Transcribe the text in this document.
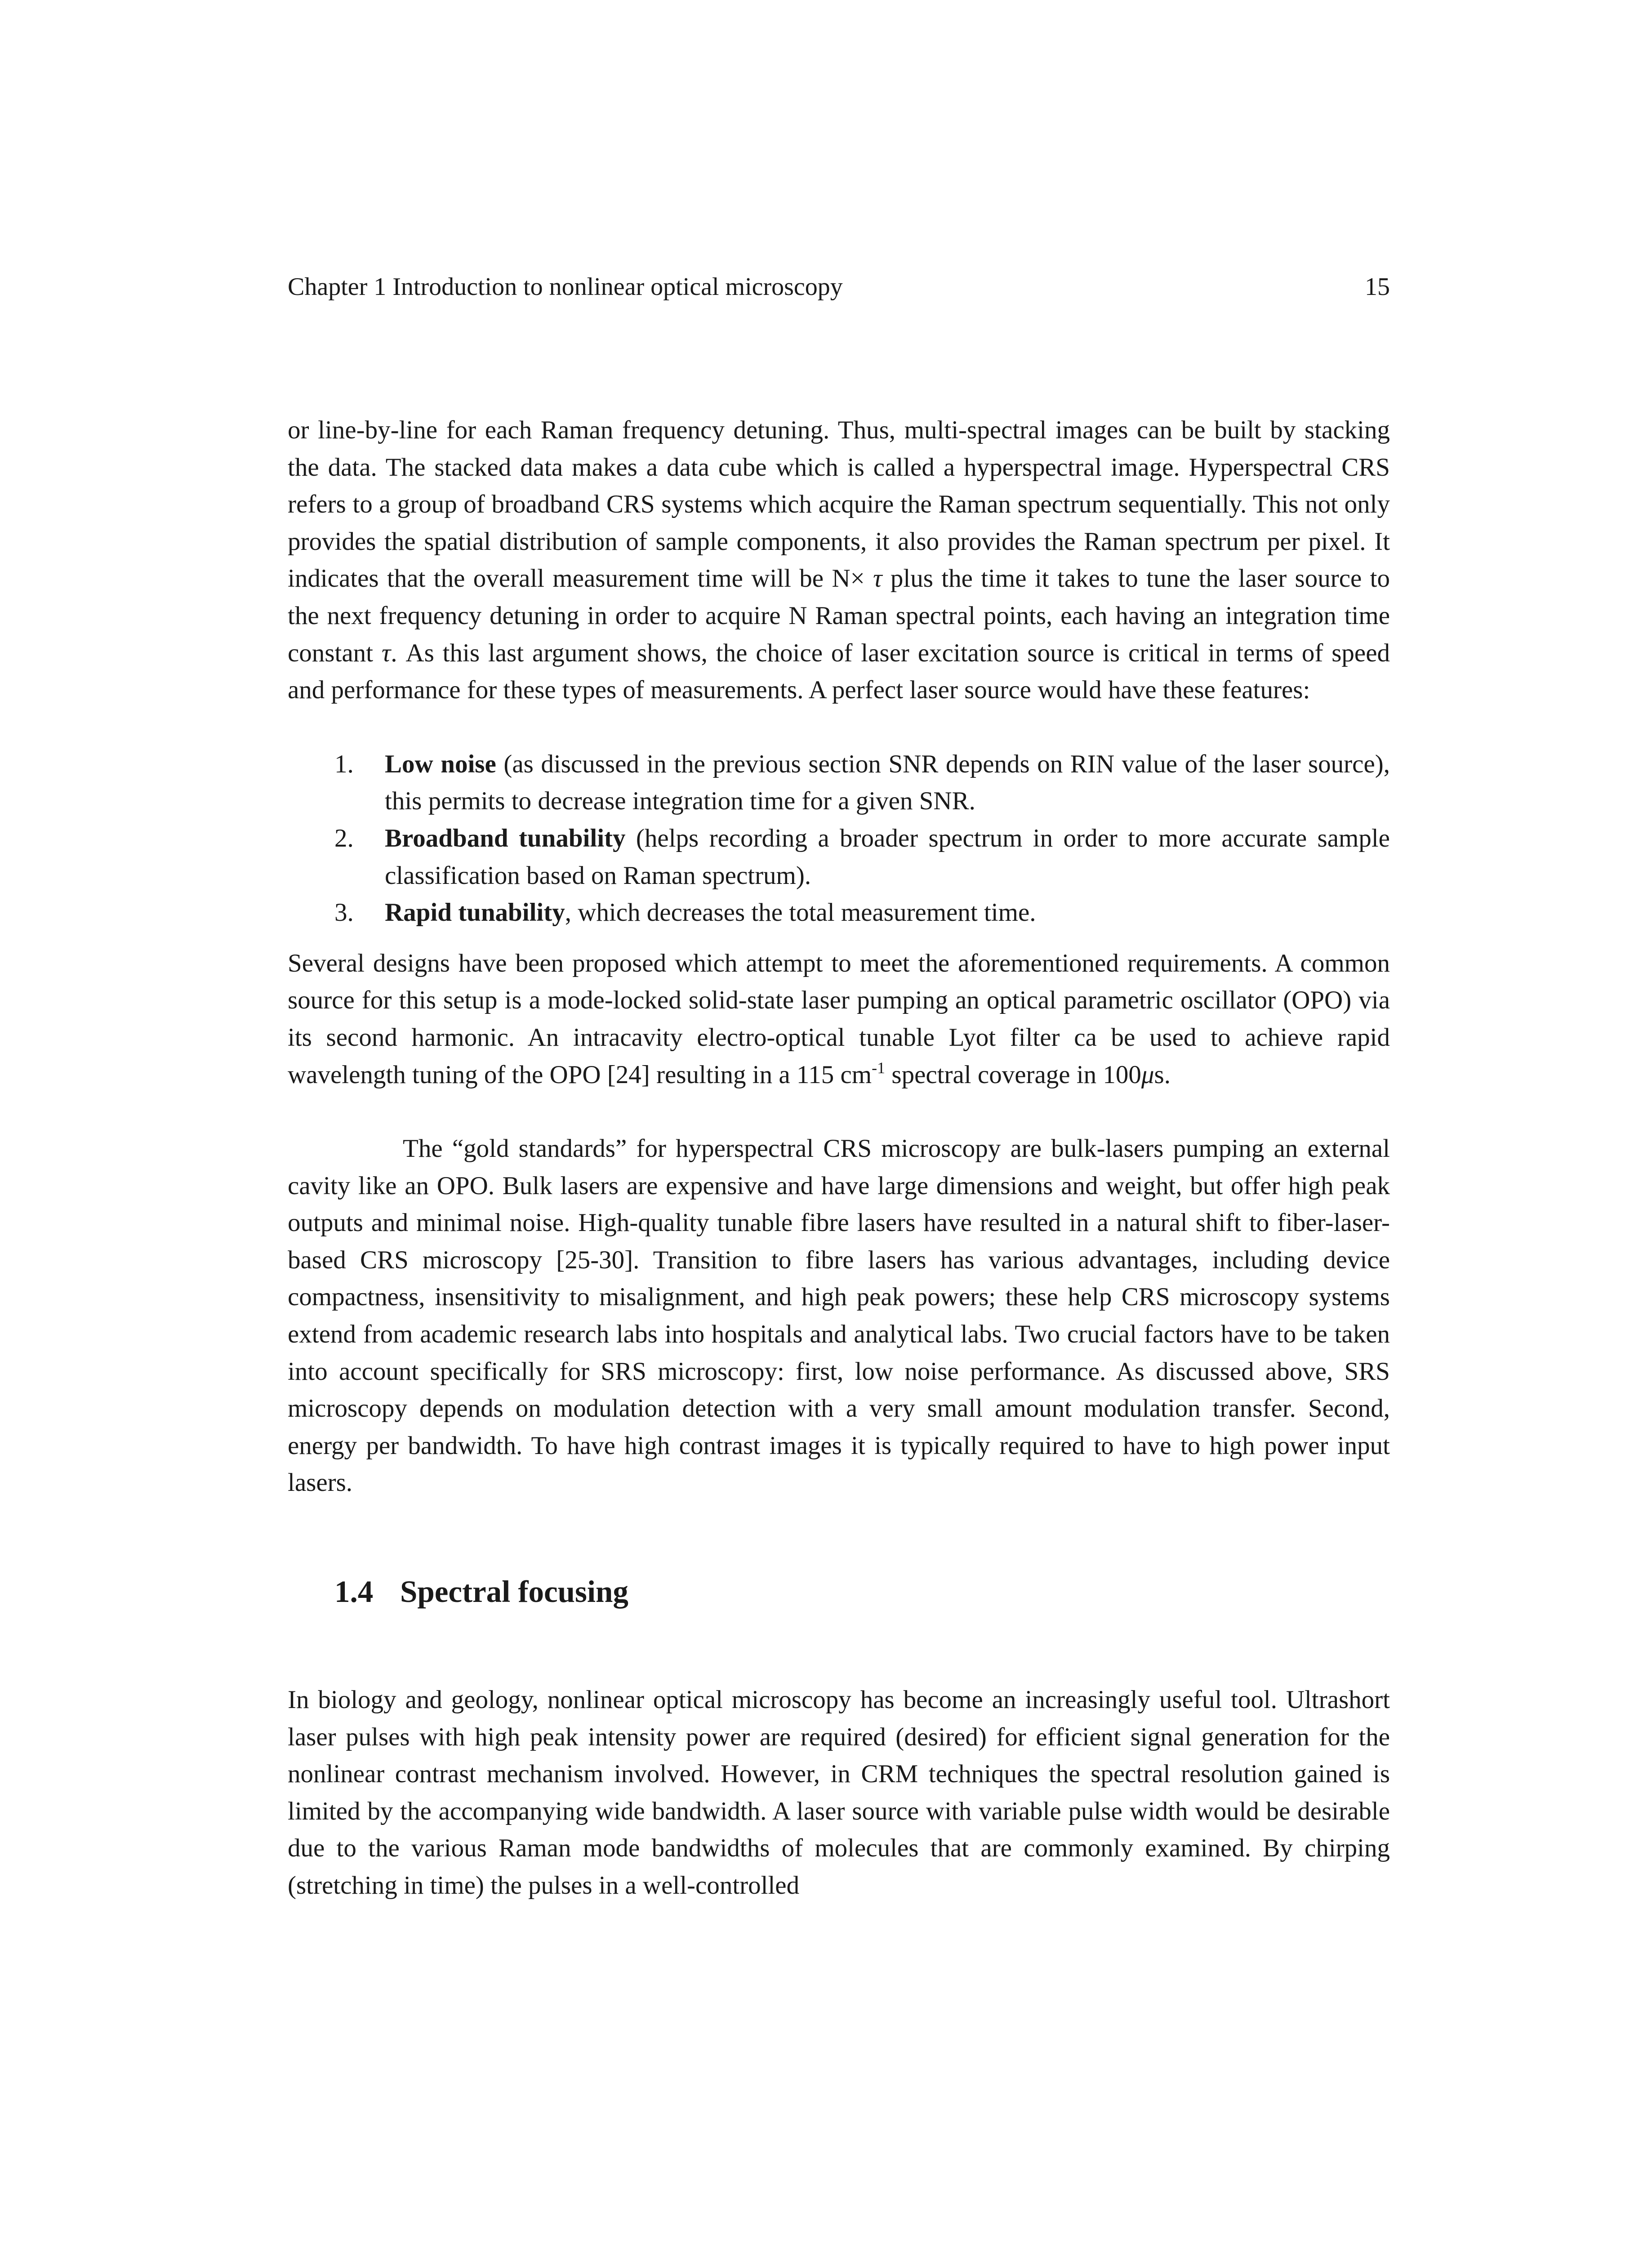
Chapter 1 Introduction to nonlinear optical microscopy	15

or line-by-line for each Raman frequency detuning. Thus, multi-spectral images can be built by stacking the data. The stacked data makes a data cube which is called a hyperspectral image. Hyperspectral CRS refers to a group of broadband CRS systems which acquire the Raman spectrum sequentially. This not only provides the spatial distribution of sample components, it also provides the Raman spectrum per pixel. It indicates that the overall measurement time will be N× τ plus the time it takes to tune the laser source to the next frequency detuning in order to acquire N Raman spectral points, each having an integration time constant τ. As this last argument shows, the choice of laser excitation source is critical in terms of speed and performance for these types of measurements. A perfect laser source would have these features:

1. Low noise (as discussed in the previous section SNR depends on RIN value of the laser source), this permits to decrease integration time for a given SNR.
2. Broadband tunability (helps recording a broader spectrum in order to more accurate sample classification based on Raman spectrum).
3. Rapid tunability, which decreases the total measurement time.

Several designs have been proposed which attempt to meet the aforementioned requirements. A common source for this setup is a mode-locked solid-state laser pumping an optical parametric oscillator (OPO) via its second harmonic. An intracavity electro-optical tunable Lyot filter ca be used to achieve rapid wavelength tuning of the OPO [24] resulting in a 115 $cm^{-1}$ spectral coverage in 100μs.

The “gold standards” for hyperspectral CRS microscopy are bulk-lasers pumping an external cavity like an OPO. Bulk lasers are expensive and have large dimensions and weight, but offer high peak outputs and minimal noise. High-quality tunable fibre lasers have resulted in a natural shift to fiber-laser-based CRS microscopy [25-30]. Transition to fibre lasers has various advantages, including device compactness, insensitivity to misalignment, and high peak powers; these help CRS microscopy systems extend from academic research labs into hospitals and analytical labs. Two crucial factors have to be taken into account specifically for SRS microscopy: first, low noise performance. As discussed above, SRS microscopy depends on modulation detection with a very small amount modulation transfer. Second, energy per bandwidth. To have high contrast images it is typically required to have to high power input lasers.

1.4 Spectral focusing

In biology and geology, nonlinear optical microscopy has become an increasingly useful tool. Ultrashort laser pulses with high peak intensity power are required (desired) for efficient signal generation for the nonlinear contrast mechanism involved. However, in CRM techniques the spectral resolution gained is limited by the accompanying wide bandwidth. A laser source with variable pulse width would be desirable due to the various Raman mode bandwidths of molecules that are commonly examined. By chirping (stretching in time) the pulses in a well-controlled
